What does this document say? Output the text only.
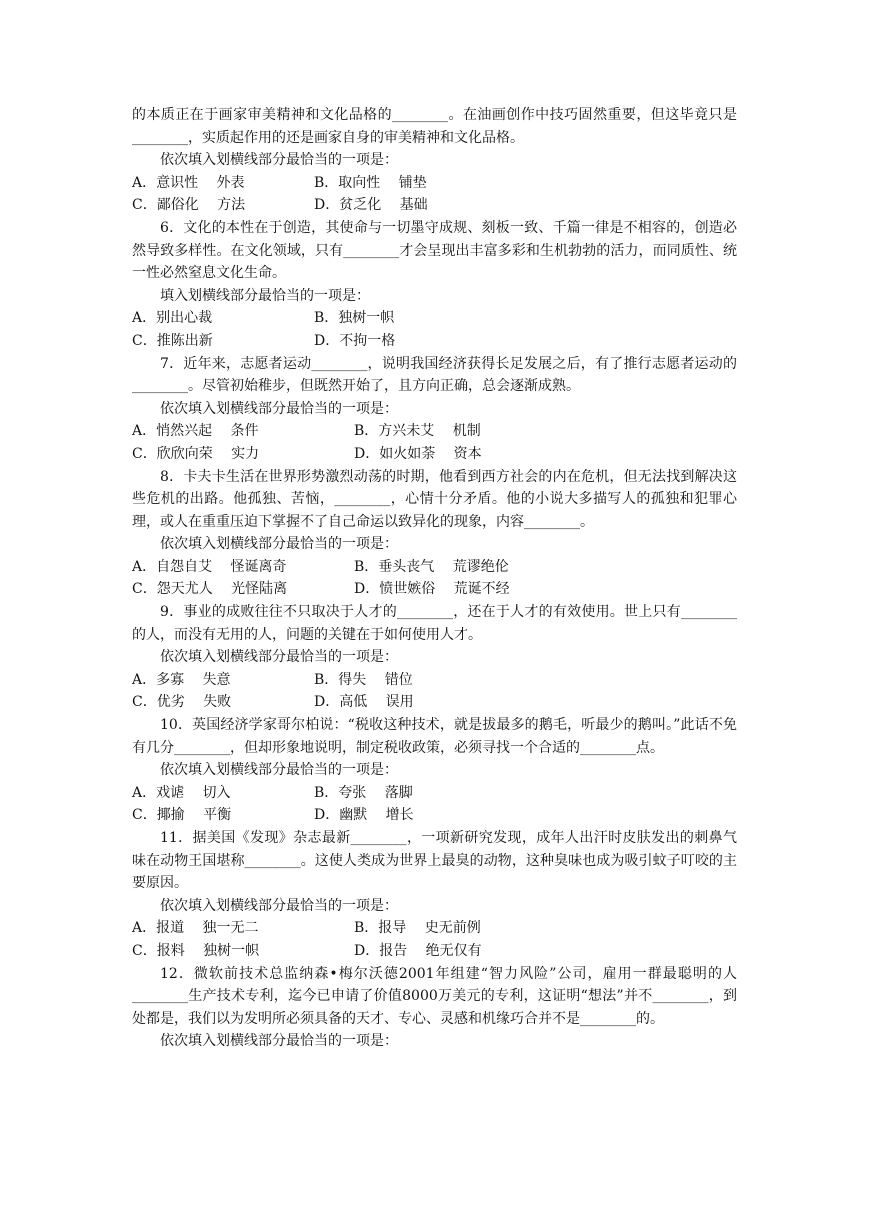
的本质正在于画家审美精神和文化品格的________。在油画创作中技巧固然重要，但这毕竟只是________，实质起作用的还是画家自身的审美精神和文化品格。

依次填入划横线部分最恰当的一项是：

A．意识性　 外表	B．取向性　 铺垫
C．鄙俗化　 方法	D．贫乏化　 基础

6．文化的本性在于创造，其使命与一切墨守成规、刻板一致、千篇一律是不相容的，创造必然导致多样性。在文化领域，只有________才会呈现出丰富多彩和生机勃勃的活力，而同质性、统一性必然窒息文化生命。

填入划横线部分最恰当的一项是：

A．别出心裁	B．独树一帜
C．推陈出新	D．不拘一格

7．近年来，志愿者运动________，说明我国经济获得长足发展之后，有了推行志愿者运动的________。尽管初始稚步，但既然开始了，且方向正确，总会逐渐成熟。

依次填入划横线部分最恰当的一项是：

A．悄然兴起　 条件	B．方兴未艾　 机制
C．欣欣向荣　 实力	D．如火如荼　 资本

8．卡夫卡生活在世界形势激烈动荡的时期，他看到西方社会的内在危机，但无法找到解决这些危机的出路。他孤独、苦恼，________，心情十分矛盾。他的小说大多描写人的孤独和犯罪心理，或人在重重压迫下掌握不了自己命运以致异化的现象，内容________。

依次填入划横线部分最恰当的一项是：

A．自怨自艾　 怪诞离奇	B．垂头丧气　 荒谬绝伦
C．怨天尤人　 光怪陆离	D．愤世嫉俗　 荒诞不经

9．事业的成败往往不只取决于人才的________，还在于人才的有效使用。世上只有________的人，而没有无用的人，问题的关键在于如何使用人才。

依次填入划横线部分最恰当的一项是：

A．多寡　 失意	B．得失　 错位
C．优劣　 失败	D．高低　 误用

10．英国经济学家哥尔柏说：“税收这种技术，就是拔最多的鹅毛，听最少的鹅叫。”此话不免有几分________，但却形象地说明，制定税收政策，必须寻找一个合适的________点。

依次填入划横线部分最恰当的一项是：

A．戏谑　 切入	B．夸张　 落脚
C．揶揄　 平衡	D．幽默　 增长

11．据美国《发现》杂志最新________，一项新研究发现，成年人出汗时皮肤发出的刺鼻气味在动物王国堪称________。这使人类成为世界上最臭的动物，这种臭味也成为吸引蚊子叮咬的主要原因。

依次填入划横线部分最恰当的一项是：

A．报道　 独一无二	B．报导　 史无前例
C．报料　 独树一帜	D．报告　 绝无仅有

12．微软前技术总监纳森•梅尔沃德2001年组建“智力风险”公司，雇用一群最聪明的人________生产技术专利，迄今已申请了价值8000万美元的专利，这证明“想法”并不________，到处都是，我们以为发明所必须具备的天才、专心、灵感和机缘巧合并不是________的。

依次填入划横线部分最恰当的一项是：
